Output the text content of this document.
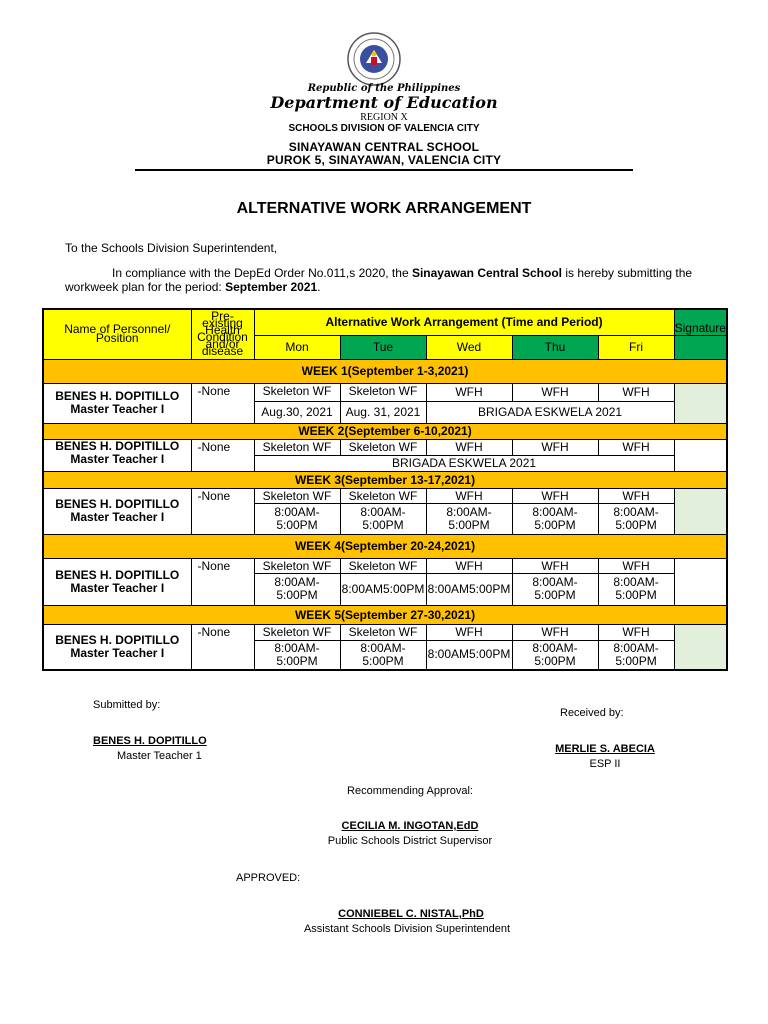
Republic of the Philippines
Department of Education
REGION X
SCHOOLS DIVISION OF VALENCIA CITY
SINAYAWAN CENTRAL SCHOOL
PUROK 5, SINAYAWAN, VALENCIA CITY
ALTERNATIVE WORK ARRANGEMENT
To the Schools Division Superintendent,
In compliance with the DepEd Order No.011,s 2020, the Sinayawan Central School is hereby submitting the workweek plan for the period: September 2021.
Name of Personnel/ Position	Pre-existing Health Condition and/or disease	Alternative Work Arrangement (Time and Period)					Signature
		Mon	Tue	Wed	Thu	Fri	
WEEK 1(September 1-3,2021)							
BENES H. DOPITILLO
Master Teacher I	-None	Skeleton WF	Skeleton WF	WFH	WFH	WFH	
		Aug.30, 2021	Aug. 31, 2021	BRIGADA ESKWELA 2021			
WEEK 2(September 6-10,2021)							
BENES H. DOPITILLO
Master Teacher I	-None	Skeleton WF	Skeleton WF	WFH	WFH	WFH	
		BRIGADA ESKWELA 2021					
WEEK 3(September 13-17,2021)							
BENES H. DOPITILLO
Master Teacher I	-None	Skeleton WF	Skeleton WF	WFH	WFH	WFH	
		8:00AM-5:00PM	8:00AM-5:00PM	8:00AM-5:00PM	8:00AM-5:00PM	8:00AM-5:00PM	
WEEK 4(September 20-24,2021)							
BENES H. DOPITILLO
Master Teacher I	-None	Skeleton WF	Skeleton WF	WFH	WFH	WFH	
		8:00AM-5:00PM	8:00AM5:00PM	8:00AM5:00PM	8:00AM-5:00PM	8:00AM-5:00PM	
WEEK 5(September 27-30,2021)							
BENES H. DOPITILLO
Master Teacher I	-None	Skeleton WF	Skeleton WF	WFH	WFH	WFH	
		8:00AM-5:00PM	8:00AM-5:00PM	8:00AM5:00PM	8:00AM-5:00PM	8:00AM-5:00PM	
Submitted by:
BENES H. DOPITILLO
Master Teacher 1
Received by:
MERLIE S. ABECIA
ESP II
Recommending Approval:
CECILIA M. INGOTAN,EdD
Public Schools District Supervisor
APPROVED:
CONNIEBEL C. NISTAL,PhD
Assistant Schools Division Superintendent
